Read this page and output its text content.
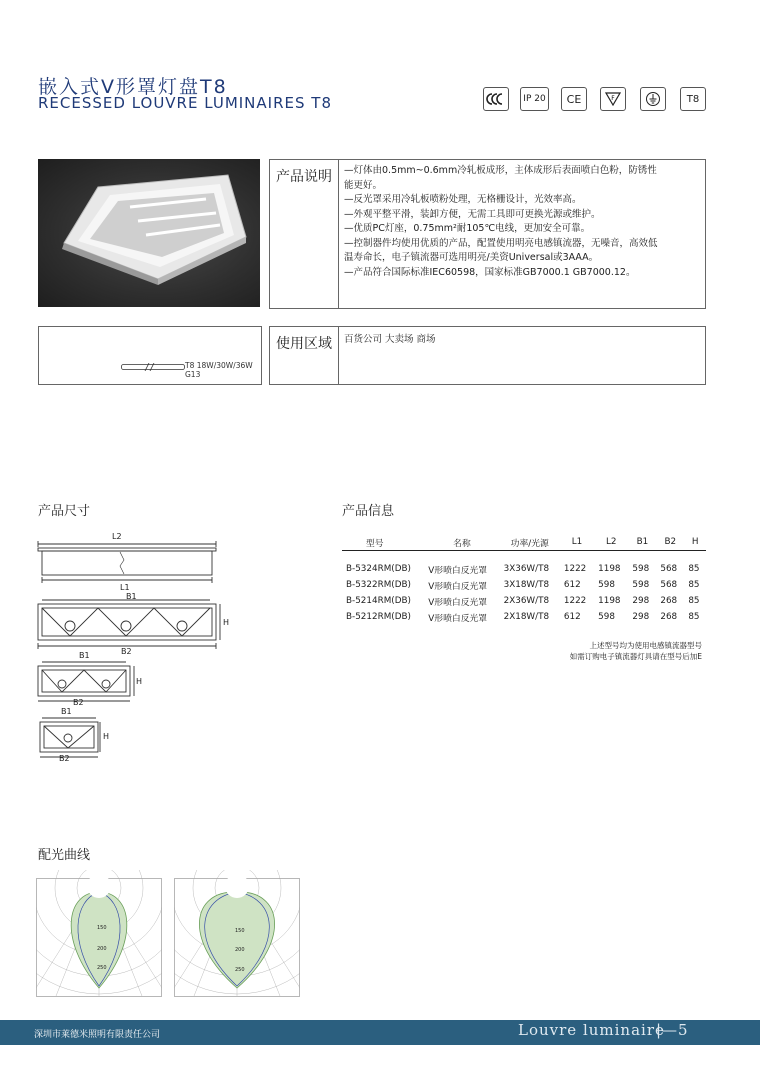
嵌入式V形罩灯盘T8
RECESSED LOUVRE LUMINAIRES T8	IP 20	CE	F	T8
产品说明	—灯体由0.5mm~0.6mm冷轧板成形，主体成形后表面喷白色粉，防锈性
能更好。
—反光罩采用冷轧板喷粉处理，无格栅设计，光效率高。
—外观平整平滑，装卸方便，无需工具即可更换光源或维护。
—优质PC灯座，0.75mm²耐105℃电线，更加安全可靠。
—控制器件均使用优质的产品，配置使用明亮电感镇流器，无噪音，高效低
温寿命长，电子镇流器可选用明亮/美资Universal或3AAA。
—产品符合国际标准IEC60598，国家标准GB7000.1 GB7000.12。
T8 18W/30W/36W
G13
使用区域	百货公司 大卖场 商场
产品尺寸	产品信息
L2
L1
B1
H
B2
B1
H
B2
B1
H
B2
型号	名称	功率/光源	L1	L2	B1	B2	H

B-5324RM(DB)	V形喷白反光罩	3X36W/T8	1222	1198	598	568	85
B-5322RM(DB)	V形喷白反光罩	3X18W/T8	612	598	598	568	85
B-5214RM(DB)	V形喷白反光罩	2X36W/T8	1222	1198	298	268	85
B-5212RM(DB)	V形喷白反光罩	2X18W/T8	612	598	298	268	85
上述型号均为使用电感镇流器型号
如需订购电子镇流器灯具请在型号后加E
配光曲线
150
200
250
150
200
250
深圳市莱德米照明有限责任公司	Louvre luminaire
|—5
